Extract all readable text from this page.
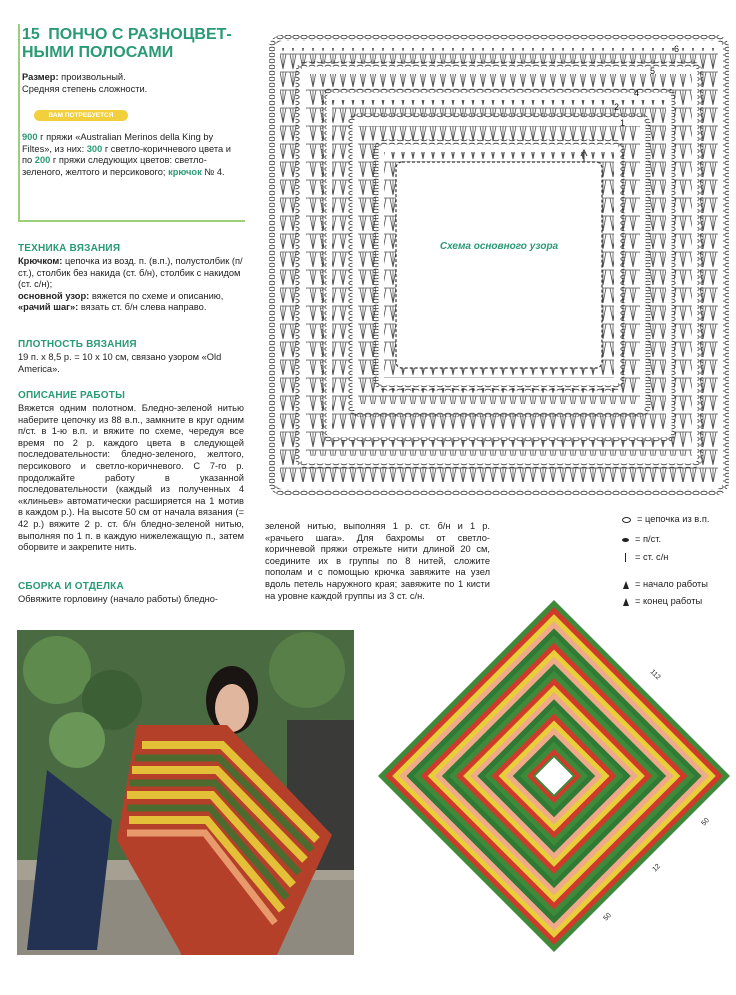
15 ПОНЧО С РАЗНОЦВЕТ-НЫМИ ПОЛОСАМИ
Размер: произвольный.
Средняя степень сложности.
ВАМ ПОТРЕБУЕТСЯ
900 г пряжи «Australian Merinos della King by Filtes», из них: 300 г светло-коричневого цвета и по 200 г пряжи следующих цветов: светло-зеленого, желтого и персикового; крючок № 4.
ТЕХНИКА ВЯЗАНИЯ
Крючком: цепочка из возд. п. (в.п.), полустолбик (п/ст.), столбик без накида (ст. б/н), столбик с накидом (ст. с/н);
основной узор: вяжется по схеме и описанию,
«рачий шаг»: вязать ст. б/н слева направо.
ПЛОТНОСТЬ ВЯЗАНИЯ
19 п. х 8,5 р. = 10 х 10 см, связано узором «Old America».
ОПИСАНИЕ РАБОТЫ
Вяжется одним полотном. Бледно-зеленой нитью наберите цепочку из 88 в.п., замкните в круг одним п/ст. в 1-ю в.п. и вяжите по схеме, чередуя все время по 2 р. каждого цвета в следующей последовательности: бледно-зеленого, желтого, персикового и светло-коричневого. С 7-го р. продолжайте работу в указанной последовательности (каждый из полученных 4 «клиньев» автоматически расширяется на 1 мотив в каждом р.). На высоте 50 см от начала вязания (= 42 р.) вяжите 2 р. ст. б/н бледно-зеленой нитью, выполняя по 1 п. в каждую нижележащую п., затем оборвите и закрепите нить.
СБОРКА И ОТДЕЛКА
Обвяжите горловину (начало работы) бледно-
зеленой нитью, выполняя 1 р. ст. б/н и 1 р. «рачьего шага». Для бахромы от светло-коричневой пряжи отрежьте нити длиной 20 см, соедините их в группы по 8 нитей, сложите пополам и с помощью крючка завяжите на узел вдоль петель наружного края; завяжите по 1 кисти на уровне каждой группы из 3 ст. с/н.
Схема основного узора
1
2
4
5
6
= цепочка из в.п.
= п/ст.
= ст. с/н
= начало работы
= конец работы
112
50
12
50
